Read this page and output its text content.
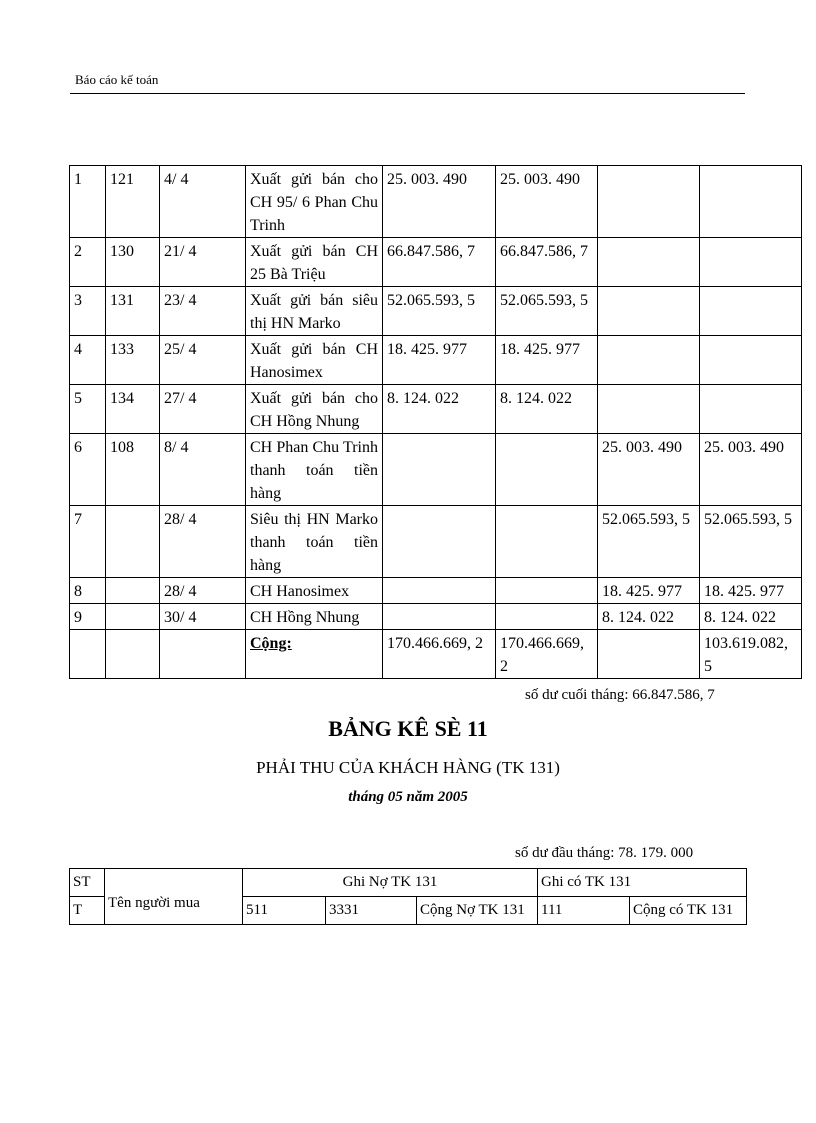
Báo cáo kế toán
1	121	4/ 4	Xuất gửi bán cho CH 95/ 6 Phan Chu Trinh	25. 003. 490	25. 003. 490		
2	130	21/ 4	Xuất gửi bán CH 25 Bà Triệu	66.847.586, 7	66.847.586, 7		
3	131	23/ 4	Xuất gửi bán siêu thị HN Marko	52.065.593, 5	52.065.593, 5		
4	133	25/ 4	Xuất gửi bán CH Hanosimex	18. 425. 977	18. 425. 977		
5	134	27/ 4	Xuất gửi bán cho CH Hồng Nhung	8. 124. 022	8. 124. 022		
6	108	8/ 4	CH Phan Chu Trinh thanh toán tiền hàng			25. 003. 490	25. 003. 490
7		28/ 4	Siêu thị HN Marko thanh toán tiền hàng			52.065.593, 5	52.065.593, 5
8		28/ 4	CH Hanosimex			18. 425. 977	18. 425. 977
9		30/ 4	CH Hồng Nhung			8. 124. 022	8. 124. 022
			Cộng:	170.466.669, 2	170.466.669, 2		103.619.082, 5
số dư cuối tháng: 66.847.586, 7
BẢNG KÊ SÈ 11
PHẢI THU CỦA KHÁCH HÀNG (TK 131)
tháng 05 năm 2005
số dư đầu tháng: 78. 179. 000
ST	Tên người mua	Ghi Nợ TK 131			Ghi có TK 131	
T		511	3331	Cộng Nợ TK 131	111	Cộng có TK 131
